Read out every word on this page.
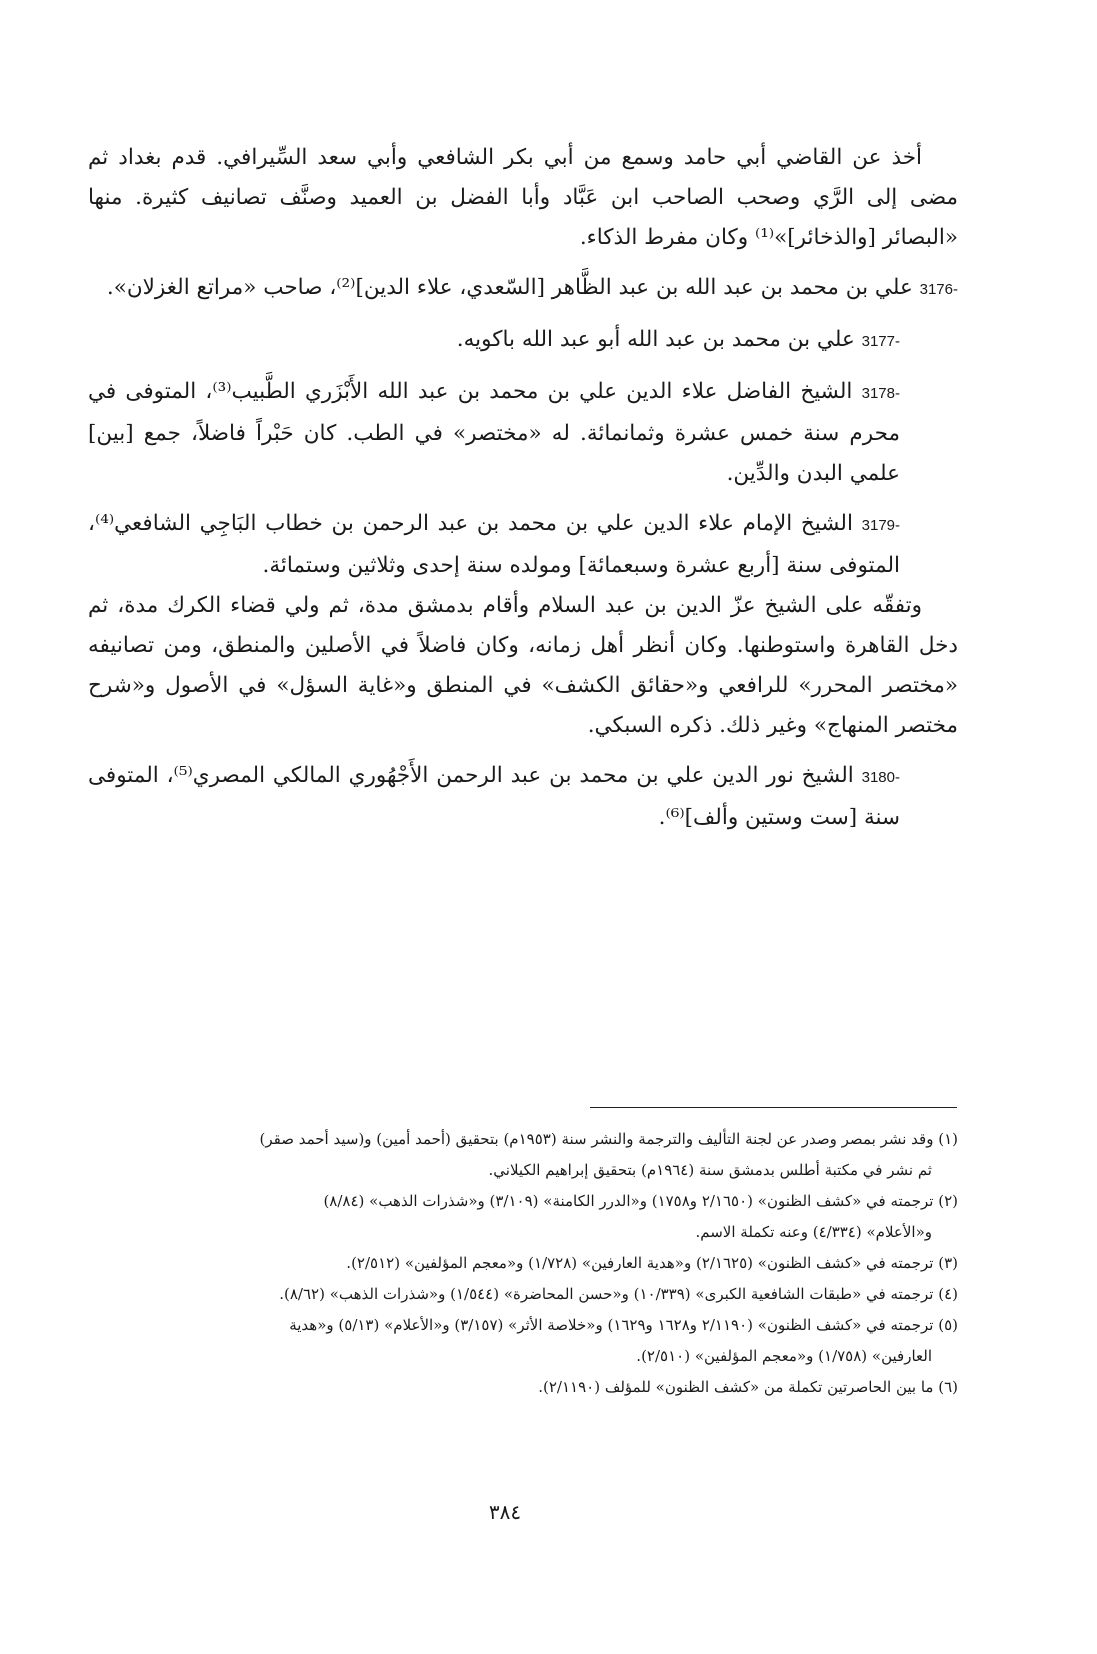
أخذ عن القاضي أبي حامد وسمع من أبي بكر الشافعي وأبي سعد السِّيرافي. قدم بغداد ثم مضى إلى الرَّي وصحب الصاحب ابن عَبَّاد وأبا الفضل بن العميد وصنَّف تصانيف كثيرة. منها «البصائر [والذخائر]»⁽¹⁾ وكان مفرط الذكاء.
3176- علي بن محمد بن عبد الله بن عبد الظَّاهر [السّعدي، علاء الدين]⁽²⁾، صاحب «مراتع الغزلان».
3177- علي بن محمد بن عبد الله أبو عبد الله باكويه.
3178- الشيخ الفاضل علاء الدين علي بن محمد بن عبد الله الأَبْزَري الطَّبيب⁽³⁾، المتوفى في محرم سنة خمس عشرة وثمانمائة. له «مختصر» في الطب. كان حَبْراً فاضلاً، جمع [بين] علمي البدن والدِّين.
3179- الشيخ الإمام علاء الدين علي بن محمد بن عبد الرحمن بن خطاب البَاجِي الشافعي⁽⁴⁾، المتوفى سنة [أربع عشرة وسبعمائة] ومولده سنة إحدى وثلاثين وستمائة.
وتفقّه على الشيخ عزّ الدين بن عبد السلام وأقام بدمشق مدة، ثم ولي قضاء الكرك مدة، ثم دخل القاهرة واستوطنها. وكان أنظر أهل زمانه، وكان فاضلاً في الأصلين والمنطق، ومن تصانيفه «مختصر المحرر» للرافعي و«حقائق الكشف» في المنطق و«غاية السؤل» في الأصول و«شرح مختصر المنهاج» وغير ذلك. ذكره السبكي.
3180- الشيخ نور الدين علي بن محمد بن عبد الرحمن الأَجْهُوري المالكي المصري⁽⁵⁾، المتوفى سنة [ست وستين وألف]⁽⁶⁾.
(١) وقد نشر بمصر وصدر عن لجنة التأليف والترجمة والنشر سنة (١٩٥٣م) بتحقيق (أحمد أمين) و(سيد أحمد صقر)
ثم نشر في مكتبة أطلس بدمشق سنة (١٩٦٤م) بتحقيق إبراهيم الكيلاني.
(٢) ترجمته في «كشف الظنون» (٢/١٦٥٠ و١٧٥٨) و«الدرر الكامنة» (٣/١٠٩) و«شذرات الذهب» (٨/٨٤)
و«الأعلام» (٤/٣٣٤) وعنه تكملة الاسم.
(٣) ترجمته في «كشف الظنون» (٢/١٦٢٥) و«هدية العارفين» (١/٧٢٨) و«معجم المؤلفين» (٢/٥١٢).
(٤) ترجمته في «طبقات الشافعية الكبرى» (١٠/٣٣٩) و«حسن المحاضرة» (١/٥٤٤) و«شذرات الذهب» (٨/٦٢).
(٥) ترجمته في «كشف الظنون» (٢/١١٩٠ و١٦٢٨ و١٦٢٩) و«خلاصة الأثر» (٣/١٥٧) و«الأعلام» (٥/١٣) و«هدية
العارفين» (١/٧٥٨) و«معجم المؤلفين» (٢/٥١٠).
(٦) ما بين الحاصرتين تكملة من «كشف الظنون» للمؤلف (٢/١١٩٠).
٣٨٤
